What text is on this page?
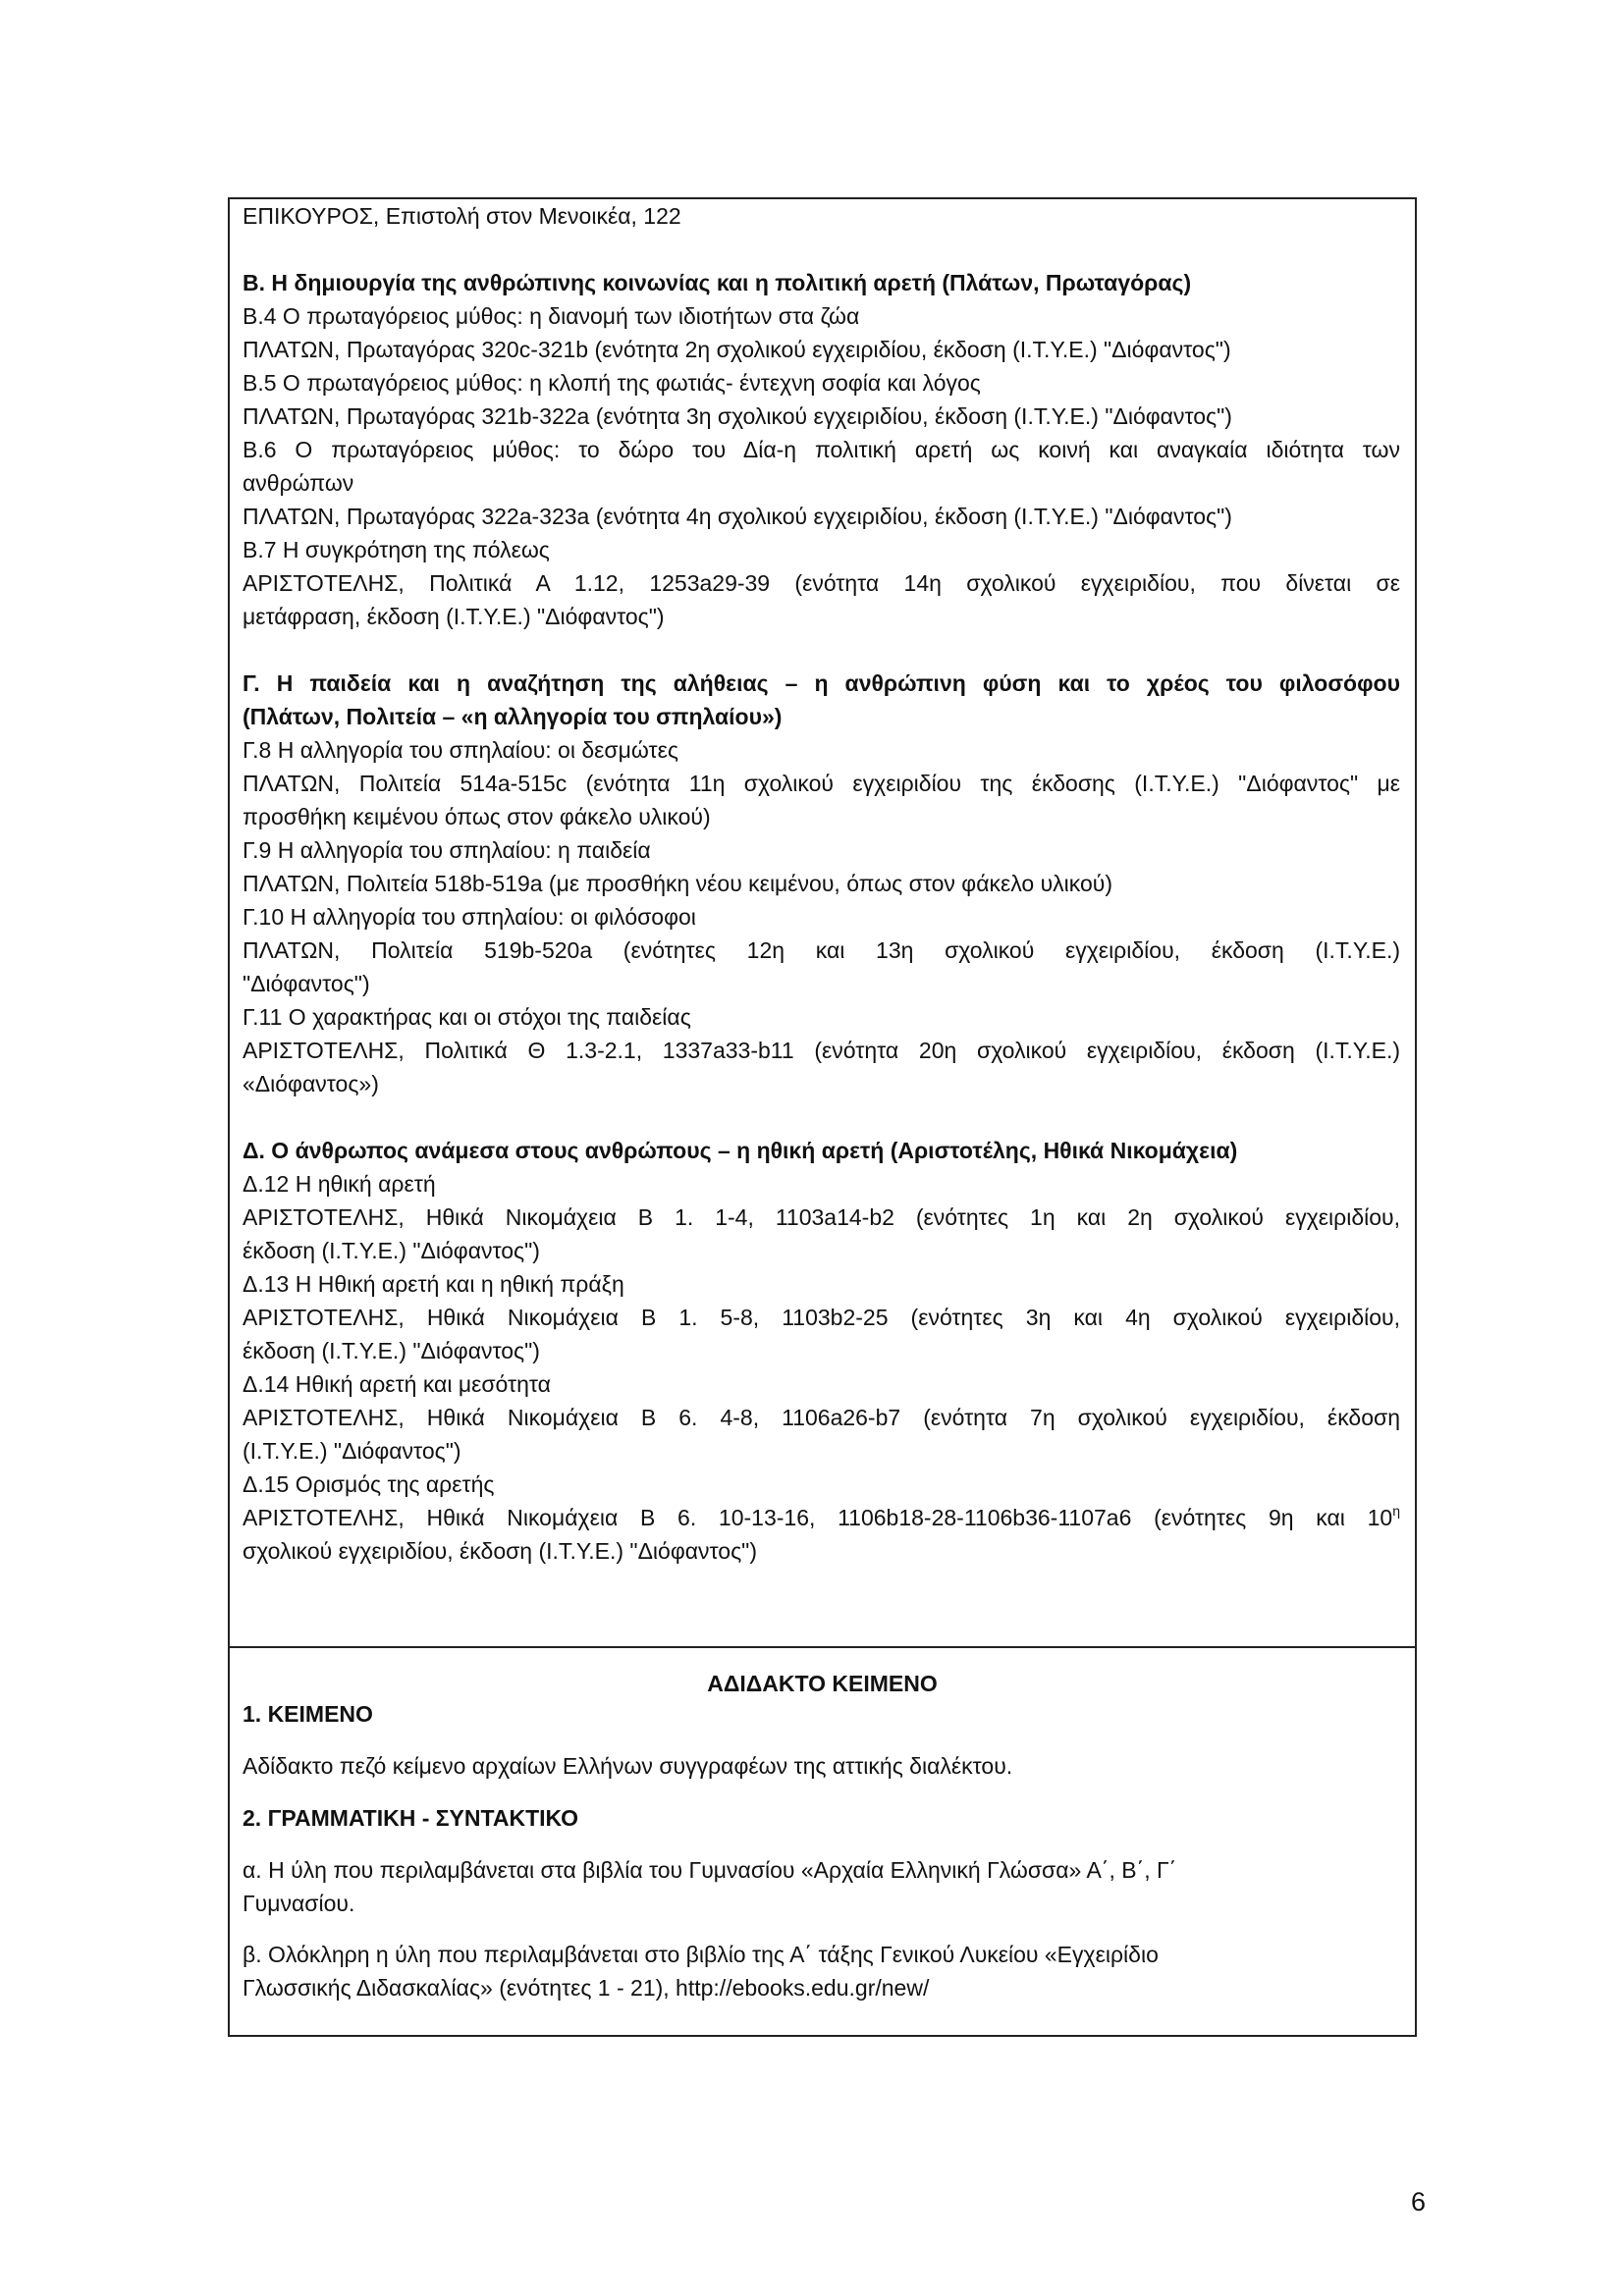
ΕΠΙΚΟΥΡΟΣ, Επιστολή στον Μενοικέα, 122
Β. Η δημιουργία της ανθρώπινης κοινωνίας και η πολιτική αρετή (Πλάτων, Πρωταγόρας)
Β.4 Ο πρωταγόρειος μύθος: η διανομή των ιδιοτήτων στα ζώα
ΠΛΑΤΩΝ, Πρωταγόρας 320c-321b (ενότητα 2η σχολικού εγχειριδίου, έκδοση (Ι.Τ.Υ.Ε.) "Διόφαντος")
Β.5 Ο πρωταγόρειος μύθος: η κλοπή της φωτιάς- έντεχνη σοφία και λόγος
ΠΛΑΤΩΝ, Πρωταγόρας 321b-322a (ενότητα 3η σχολικού εγχειριδίου, έκδοση (Ι.Τ.Υ.Ε.) "Διόφαντος")
Β.6 Ο πρωταγόρειος μύθος: το δώρο του Δία-η πολιτική αρετή ως κοινή και αναγκαία ιδιότητα των
ανθρώπων
ΠΛΑΤΩΝ, Πρωταγόρας 322a-323a (ενότητα 4η σχολικού εγχειριδίου, έκδοση (Ι.Τ.Υ.Ε.) "Διόφαντος")
Β.7 Η συγκρότηση της πόλεως
ΑΡΙΣΤΟΤΕΛΗΣ, Πολιτικά Α 1.12, 1253a29-39 (ενότητα 14η σχολικού εγχειριδίου, που δίνεται σε
μετάφραση, έκδοση (Ι.Τ.Υ.Ε.) "Διόφαντος")
Γ. Η παιδεία και η αναζήτηση της αλήθειας – η ανθρώπινη φύση και το χρέος του φιλοσόφου
(Πλάτων, Πολιτεία – «η αλληγορία του σπηλαίου»)
Γ.8 Η αλληγορία του σπηλαίου: οι δεσμώτες
ΠΛΑΤΩΝ, Πολιτεία 514a-515c (ενότητα 11η σχολικού εγχειριδίου της έκδοσης (Ι.Τ.Υ.Ε.) "Διόφαντος" με
προσθήκη κειμένου όπως στον φάκελο υλικού)
Γ.9 Η αλληγορία του σπηλαίου: η παιδεία
ΠΛΑΤΩΝ, Πολιτεία 518b-519a (με προσθήκη νέου κειμένου, όπως στον φάκελο υλικού)
Γ.10 Η αλληγορία του σπηλαίου: οι φιλόσοφοι
ΠΛΑΤΩΝ, Πολιτεία 519b-520a (ενότητες 12η και 13η σχολικού εγχειριδίου, έκδοση (Ι.Τ.Υ.Ε.)
"Διόφαντος")
Γ.11 Ο χαρακτήρας και οι στόχοι της παιδείας
ΑΡΙΣΤΟΤΕΛΗΣ, Πολιτικά Θ 1.3-2.1, 1337a33-b11 (ενότητα 20η σχολικού εγχειριδίου, έκδοση (Ι.Τ.Υ.Ε.)
«Διόφαντος»)
Δ. Ο άνθρωπος ανάμεσα στους ανθρώπους – η ηθική αρετή (Αριστοτέλης, Ηθικά Νικομάχεια)
Δ.12 Η ηθική αρετή
ΑΡΙΣΤΟΤΕΛΗΣ, Ηθικά Νικομάχεια Β 1. 1-4, 1103a14-b2 (ενότητες 1η και 2η σχολικού εγχειριδίου,
έκδοση (Ι.Τ.Υ.Ε.) "Διόφαντος")
Δ.13 Η Ηθική αρετή και η ηθική πράξη
ΑΡΙΣΤΟΤΕΛΗΣ, Ηθικά Νικομάχεια Β 1. 5-8, 1103b2-25 (ενότητες 3η και 4η σχολικού εγχειριδίου,
έκδοση (Ι.Τ.Υ.Ε.) "Διόφαντος")
Δ.14 Ηθική αρετή και μεσότητα
ΑΡΙΣΤΟΤΕΛΗΣ, Ηθικά Νικομάχεια Β 6. 4-8, 1106a26-b7 (ενότητα 7η σχολικού εγχειριδίου, έκδοση
(Ι.Τ.Υ.Ε.) "Διόφαντος")
Δ.15 Ορισμός της αρετής
ΑΡΙΣΤΟΤΕΛΗΣ, Ηθικά Νικομάχεια Β 6. 10-13-16, 1106b18-28-1106b36-1107a6 (ενότητες 9η και $10^\eta$
σχολικού εγχειριδίου, έκδοση (Ι.Τ.Υ.Ε.) "Διόφαντος")
ΑΔΙΔΑΚΤΟ ΚΕΙΜΕΝΟ
1. ΚΕΙΜΕΝΟ
Αδίδακτο πεζό κείμενο αρχαίων Ελλήνων συγγραφέων της αττικής διαλέκτου.
2. ΓΡΑΜΜΑΤΙΚΗ - ΣΥΝΤΑΚΤΙΚΟ
α. Η ύλη που περιλαμβάνεται στα βιβλία του Γυμνασίου «Αρχαία Ελληνική Γλώσσα» Α΄, Β΄, Γ΄
Γυμνασίου.
β. Ολόκληρη η ύλη που περιλαμβάνεται στο βιβλίο της Α΄ τάξης Γενικού Λυκείου «Εγχειρίδιο
Γλωσσικής Διδασκαλίας» (ενότητες 1 - 21), http://ebooks.edu.gr/new/
6
